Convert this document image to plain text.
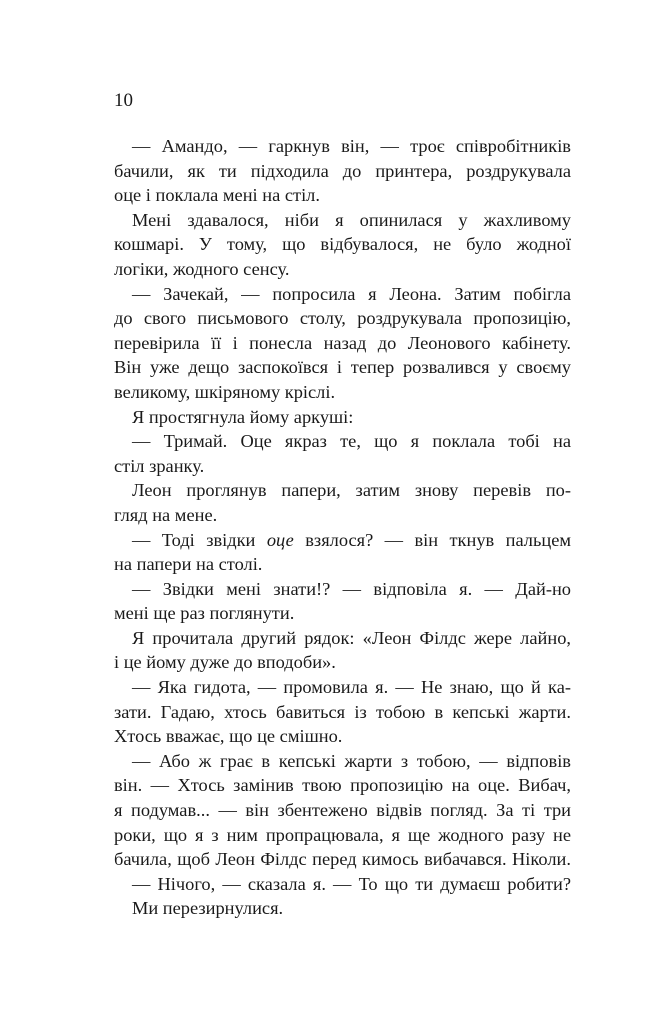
10
— Амандо, — гаркнув він, — троє співробітників
бачили, як ти підходила до принтера, роздрукувала
оце і поклала мені на стіл.
Мені здавалося, ніби я опинилася у жахливому
кошмарі. У тому, що відбувалося, не було жодної
логіки, жодного сенсу.
— Зачекай, — попросила я Леона. Затим побігла
до свого письмового столу, роздрукувала пропозицію,
перевірила її і понесла назад до Леонового кабінету.
Він уже дещо заспокоївся і тепер розвалився у своєму
великому, шкіряному кріслі.
Я простягнула йому аркуші:
— Тримай. Оце якраз те, що я поклала тобі на
стіл зранку.
Леон проглянув папери, затим знову перевів по-
гляд на мене.
— Тоді звідки оце взялося? — він ткнув пальцем
на папери на столі.
— Звідки мені знати!? — відповіла я. — Дай-но
мені ще раз поглянути.
Я прочитала другий рядок: «Леон Філдс жере лайно,
і це йому дуже до вподоби».
— Яка гидота, — промовила я. — Не знаю, що й ка-
зати. Гадаю, хтось бавиться із тобою в кепські жарти.
Хтось вважає, що це смішно.
— Або ж грає в кепські жарти з тобою, — відповів
він. — Хтось замінив твою пропозицію на оце. Вибач,
я подумав... — він збентежено відвів погляд. За ті три
роки, що я з ним пропрацювала, я ще жодного разу не
бачила, щоб Леон Філдс перед кимось вибачався. Ніколи.
— Нічого, — сказала я. — То що ти думаєш робити?
Ми перезирнулися.
